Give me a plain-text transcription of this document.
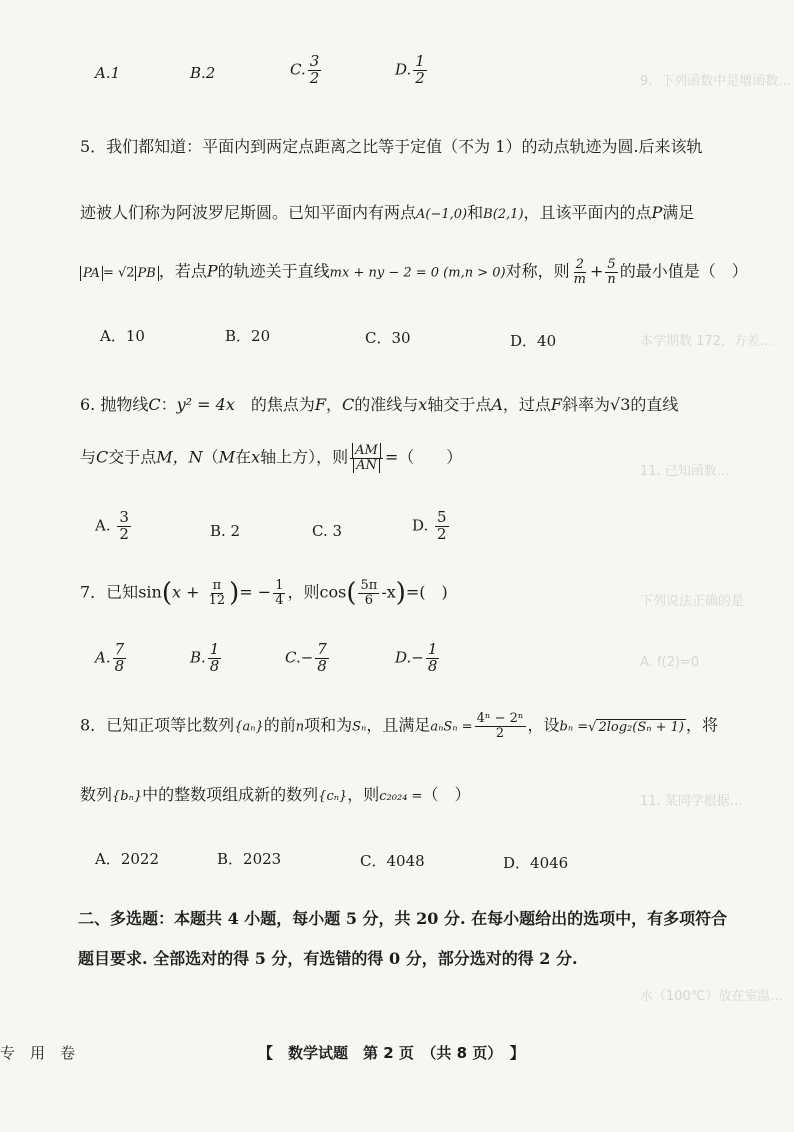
9．下列函数中是增函数…
本学期数 172，方差…
11. 已知函数…
下列说法正确的是
A. f(2)=0
11. 某同学根据…
水（100℃）放在室温…
A.1	B.2	C. $\frac{3}{2}$	D. $\frac{1}{2}$
5．我们都知道：平面内到两定点距离之比等于定值（不为 1）的动点轨迹为圆.后来该轨
迹被人们称为阿波罗尼斯圆。已知平面内有两点A(−1,0)和B(2,1)，且该平面内的点P满足
PA = √2 PB ，若点P的轨迹关于直线mx + ny − 2 = 0 (m,n > 0)对称，则 $\frac{2}{m} + \frac{5}{n}$ 的最小值是（　）
A．10	B．20	C．30	D．40
6. 抛物线C：y² = 4x　 的焦点为F，C的准线与x轴交于点A，过点F斜率为√3的直线
与C交于点M，N（M在x轴上方），则 $\frac{AM}{AN}$ =（　　）
A. $\frac{3}{2}$	B. 2	C. 3	D. $\frac{5}{2}$
7．已知$\sin(x + \frac{\pi}{12}$ )= − $\frac{1}{4}$ ，则$\cos( \frac{5\pi}{6} -x)=$(　)
A. $\frac{7}{8}$	B. $\frac{1}{8}$	$C.- \frac{7}{8}$	$D.- \frac{1}{8}$
8．已知正项等比数列{aₙ}的前n项和为Sₙ，且满足$a_nS_n = \frac{\text{4ⁿ − 2ⁿ}}{2}$ ，设bₙ =√ 2log₂(Sₙ + 1) ，将
数列{bₙ}中的整数项组成新的数列{cₙ}，则c₂₀₂₄ =（　）
A．2022	B．2023	C．4048	D．4046
二、多选题：本题共 4 小题，每小题 5 分，共 20 分. 在每小题给出的选项中，有多项符合
题目要求. 全部选对的得 5 分，有选错的得 0 分，部分选对的得 2 分.
专　用　卷	【　数学试题　第 2 页　（共 8 页）　】
